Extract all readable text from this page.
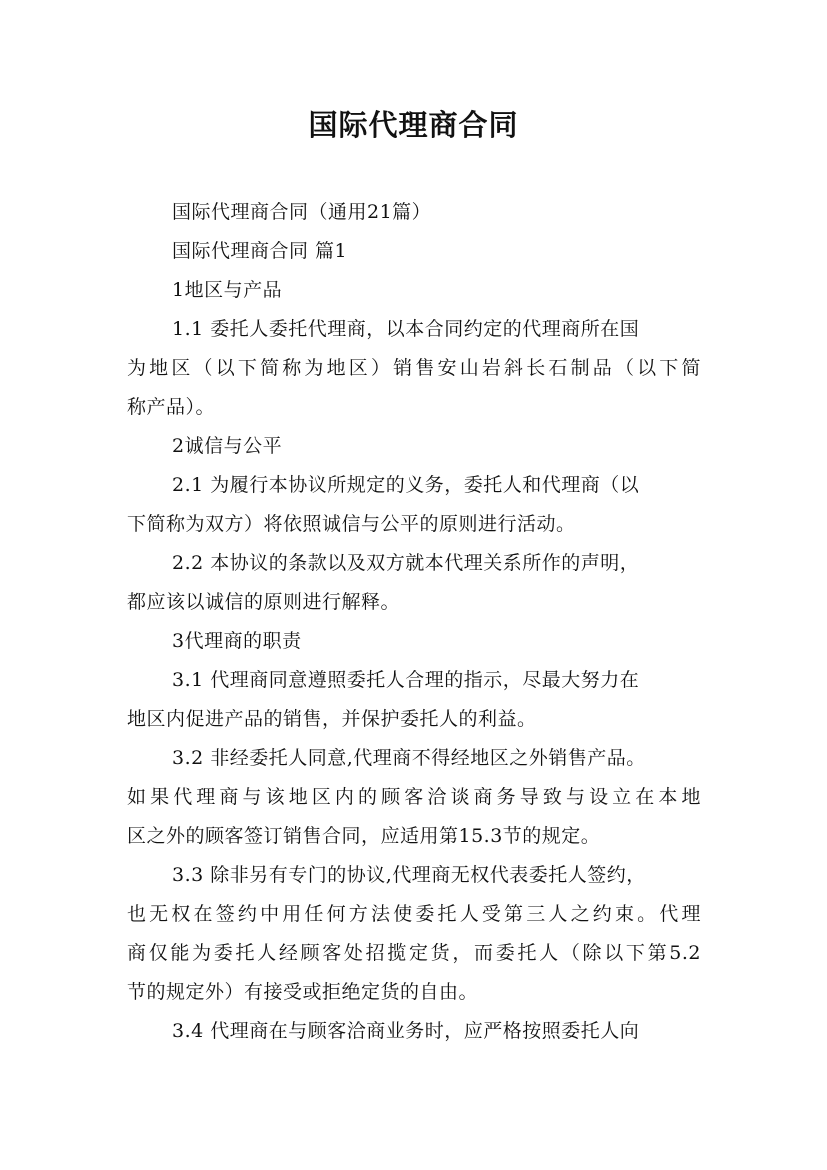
国际代理商合同
国际代理商合同（通用21篇）
国际代理商合同 篇1
1地区与产品
1.1 委托人委托代理商，以本合同约定的代理商所在国
为地区（以下简称为地区）销售安山岩斜长石制品（以下简
称产品）。
2诚信与公平
2.1 为履行本协议所规定的义务，委托人和代理商（以
下简称为双方）将依照诚信与公平的原则进行活动。
2.2 本协议的条款以及双方就本代理关系所作的声明，
都应该以诚信的原则进行解释。
3代理商的职责
3.1 代理商同意遵照委托人合理的指示，尽最大努力在
地区内促进产品的销售，并保护委托人的利益。
3.2 非经委托人同意,代理商不得经地区之外销售产品。
如果代理商与该地区内的顾客洽谈商务导致与设立在本地
区之外的顾客签订销售合同，应适用第15.3节的规定。
3.3 除非另有专门的协议,代理商无权代表委托人签约，
也无权在签约中用任何方法使委托人受第三人之约束。代理
商仅能为委托人经顾客处招揽定货，而委托人（除以下第5.2
节的规定外）有接受或拒绝定货的自由。
3.4 代理商在与顾客洽商业务时，应严格按照委托人向
